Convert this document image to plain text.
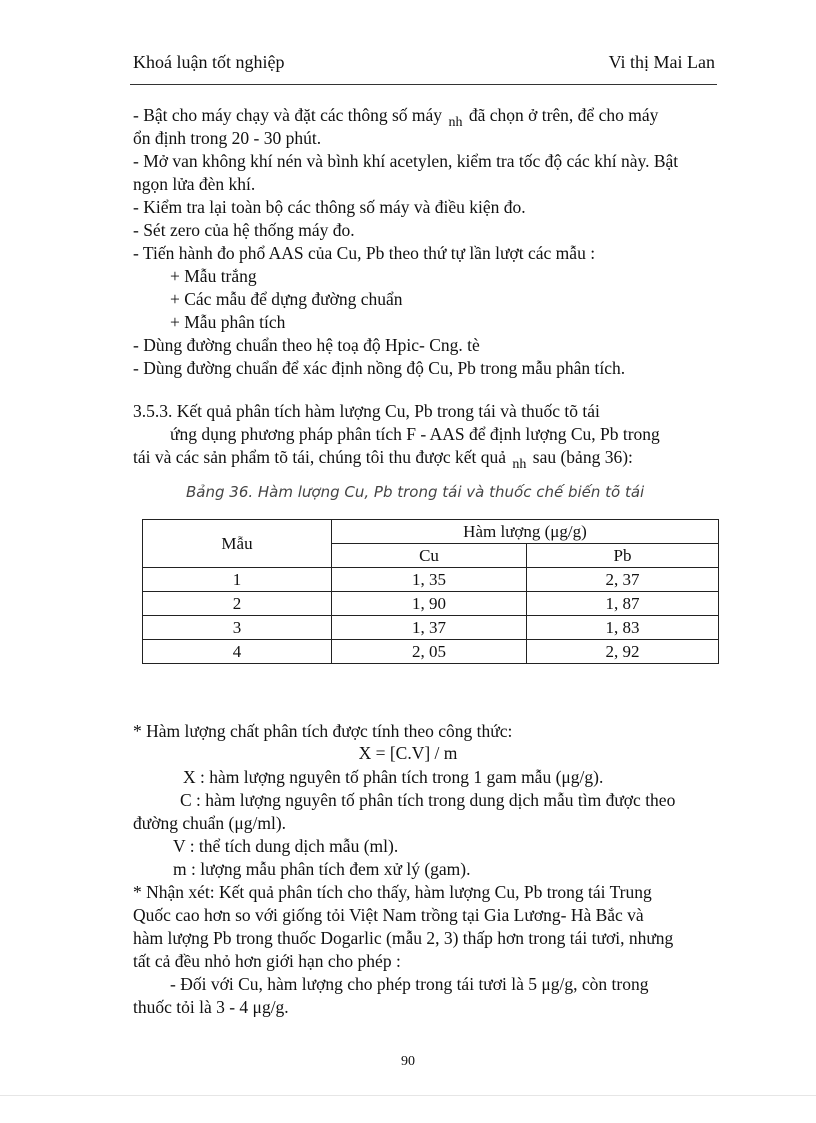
Khoá luận tốt nghiệp	Vi thị Mai Lan
- Bật cho máy chạy và đặt các thông số máy $_{nh}$ đã chọn ở trên, để cho máy
ổn định trong 20 - 30 phút.
- Mở van không khí nén và bình khí acetylen, kiểm tra tốc độ các khí này. Bật
ngọn lửa đèn khí.
- Kiểm tra lại toàn bộ các thông số máy và điều kiện đo.
- Sét zero của hệ thống máy đo.
- Tiến hành đo phổ AAS của Cu, Pb theo thứ tự lần lượt các mẫu :
+ Mẫu trắng
+ Các mẫu để dựng đường chuẩn
+ Mẫu phân tích
- Dùng đường chuẩn theo hệ toạ độ Hpic- Cng. tè
- Dùng đường chuẩn để xác định nồng độ Cu, Pb trong mẫu phân tích.
3.5.3. Kết quả phân tích hàm lượng Cu, Pb trong tái và thuốc tõ tái
ứng dụng phương pháp phân tích F - AAS để định lượng Cu, Pb trong
tái và các sản phẩm tõ tái, chúng tôi thu được kết quả $_{nh}$ sau (bảng 36):
Bảng 36. Hàm lượng Cu, Pb trong tái và thuốc chế biến tõ tái
Mẫu	Hàm lượng (μg/g)	
	Cu	Pb
1	1, 35	2, 37
2	1, 90	1, 87
3	1, 37	1, 83
4	2, 05	2, 92
* Hàm lượng chất phân tích được tính theo công thức:
X = [C.V] / m
X : hàm lượng nguyên tố phân tích trong 1 gam mẫu (μg/g).
C : hàm lượng nguyên tố phân tích trong dung dịch mẫu tìm được theo
đường chuẩn (μg/ml).
V : thể tích dung dịch mẫu (ml).
m : lượng mẫu phân tích đem xử lý (gam).
* Nhận xét: Kết quả phân tích cho thấy, hàm lượng Cu, Pb trong tái Trung
Quốc cao hơn so với giống tỏi Việt Nam trồng tại Gia Lương- Hà Bắc và
hàm lượng Pb trong thuốc Dogarlic (mẫu 2, 3) thấp hơn trong tái tươi, nhưng
tất cả đều nhỏ hơn giới hạn cho phép :
- Đối với Cu, hàm lượng cho phép trong tái tươi là 5 μg/g, còn trong
thuốc tỏi là 3 - 4 μg/g.
90
